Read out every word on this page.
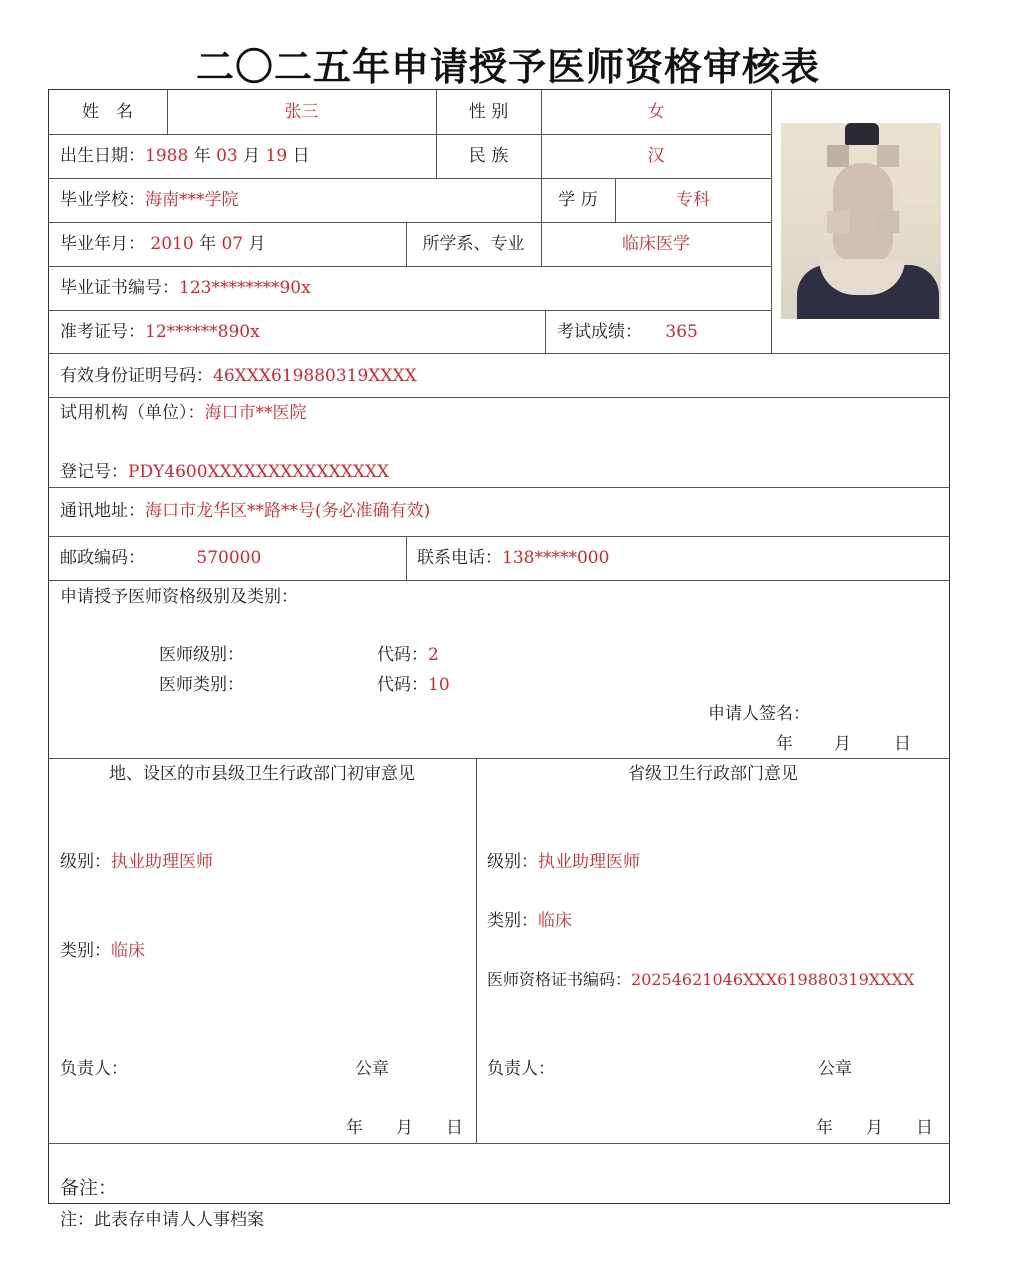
二〇二五年申请授予医师资格审核表
姓　名	张三	性 别	女
出生日期：1988 年 03 月 19 日	民 族	汉
毕业学校：海南***学院	学 历	专科
毕业年月： 2010 年 07 月	所学系、专业	临床医学
毕业证书编号：123********90x
准考证号：12******890x	考试成绩： 365
有效身份证明号码：46XXX619880319XXXX
试用机构（单位）：海口市**医院
登记号：PDY4600XXXXXXXXXXXXXXX
通讯地址：海口市龙华区**路**号(务必准确有效)
邮政编码：	570000	联系电话：138*****000
申请授予医师资格级别及类别：
医师级别：	代码：2
医师类别：	代码：10
申请人签名：
年 月	日
地、设区的市县级卫生行政部门初审意见
级别：执业助理医师
类别：临床
负责人：	公章
年 月 日
省级卫生行政部门意见
级别：执业助理医师
类别：临床
医师资格证书编码：20254621046XXX619880319XXXX
负责人：	公章
年 月 日
备注：
注：此表存申请人人事档案
